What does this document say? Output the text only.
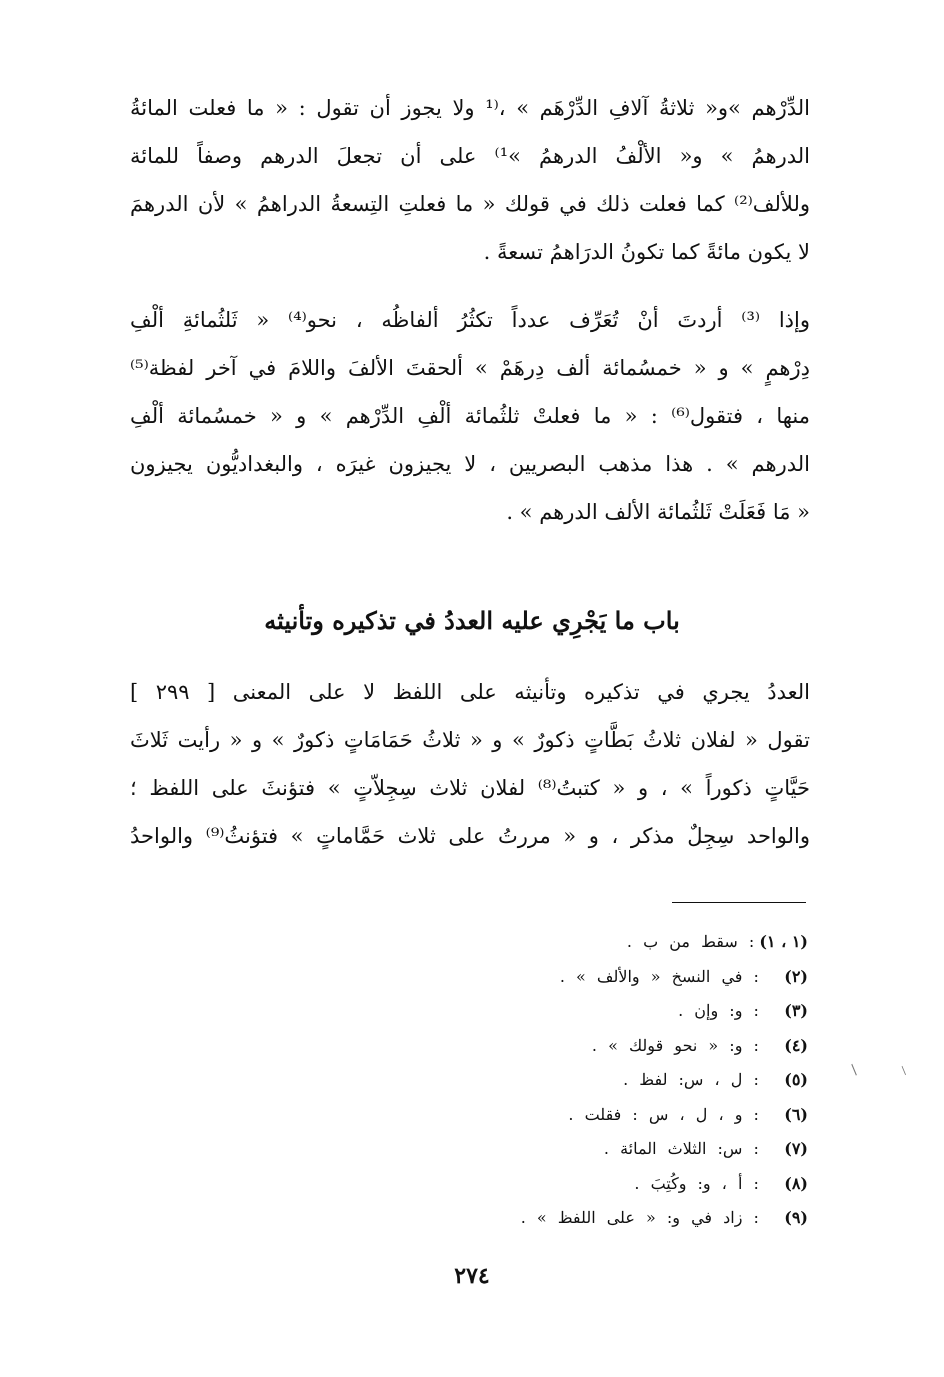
الدِّرْهم »و« ثلاثةُ آلافِ الدِّرْهَم » ،⁽¹ ولا يجوز أن تقول : « ما فعلت المائةُ
الدرهمُ » و« الألْفُ الدرهمُ »¹⁾ على أن تجعلَ الدرهم وصفاً للمائة
وللألف⁽²⁾ كما فعلت ذلك في قولك « ما فعلتِ التِسعةُ الدراهمُ » لأن الدرهمَ
لا يكون مائةً كما تكونُ الدرَاهمُ تسعةً .
وإذا ⁽³⁾ أردتَ أنْ تُعَرِّف عدداً تكثُرُ ألفاظُه ، نحو⁽⁴⁾ « ثَلثُمائةِ ألْفِ
دِرْهمٍ » و « خمسُمائة ألف دِرهَمْ » ألحقتَ الألفَ واللامَ في آخر لفظة⁽⁵⁾
منها ، فتقول⁽⁶⁾ : « ما فعلتْ ثلثُمائة ألْفِ الدِّرْهم » و « خمسُمائة ألْفِ
الدرهم » . هذا مذهب البصريين ، لا يجيزون غيرَه ، والبغداديُّون يجيزون
« مَا فَعَلَتْ ثَلثُمائة الألف الدرهم » .
باب ما يَجْرِي عليه العددُ في تذكيره وتأنيثه
العددُ يجري في تذكيره وتأنيثه على اللفظ لا على المعنى [ ٢٩٩ ]
تقول « لفلان ثلاثُ بَطَّاتٍ ذكورٌ » و « ثلاثُ حَمَامَاتٍ ذكورٌ » و « رأيت ثَلاثَ
حَيَّاتٍ ذكوراً » ، و « كتبتُ⁽⁸⁾ لفلان ثلاث سِجِلاّتٍ » فتؤنثَ على اللفظ ؛
والواحد سِجِلٌ مذكر ، و « مررتُ على ثلاث حَمَّاماتٍ » فتؤنثُ⁽⁹⁾ والواحدُ
(١ ، ١) : سقط من ب .
(٢) : في النسخ « والألف » .
(٣) : و: وإن .
(٤) : و: « نحو قولك » .
(٥) : ل ، س: لفظ .
(٦) : و ، ل ، س : فقلت .
(٧) : س: الثلاث المائة .
(٨) : أ ، و: وكُتِبَ .
(٩) : زاد في و: « على اللفظ » .
/	/
٢٧٤
